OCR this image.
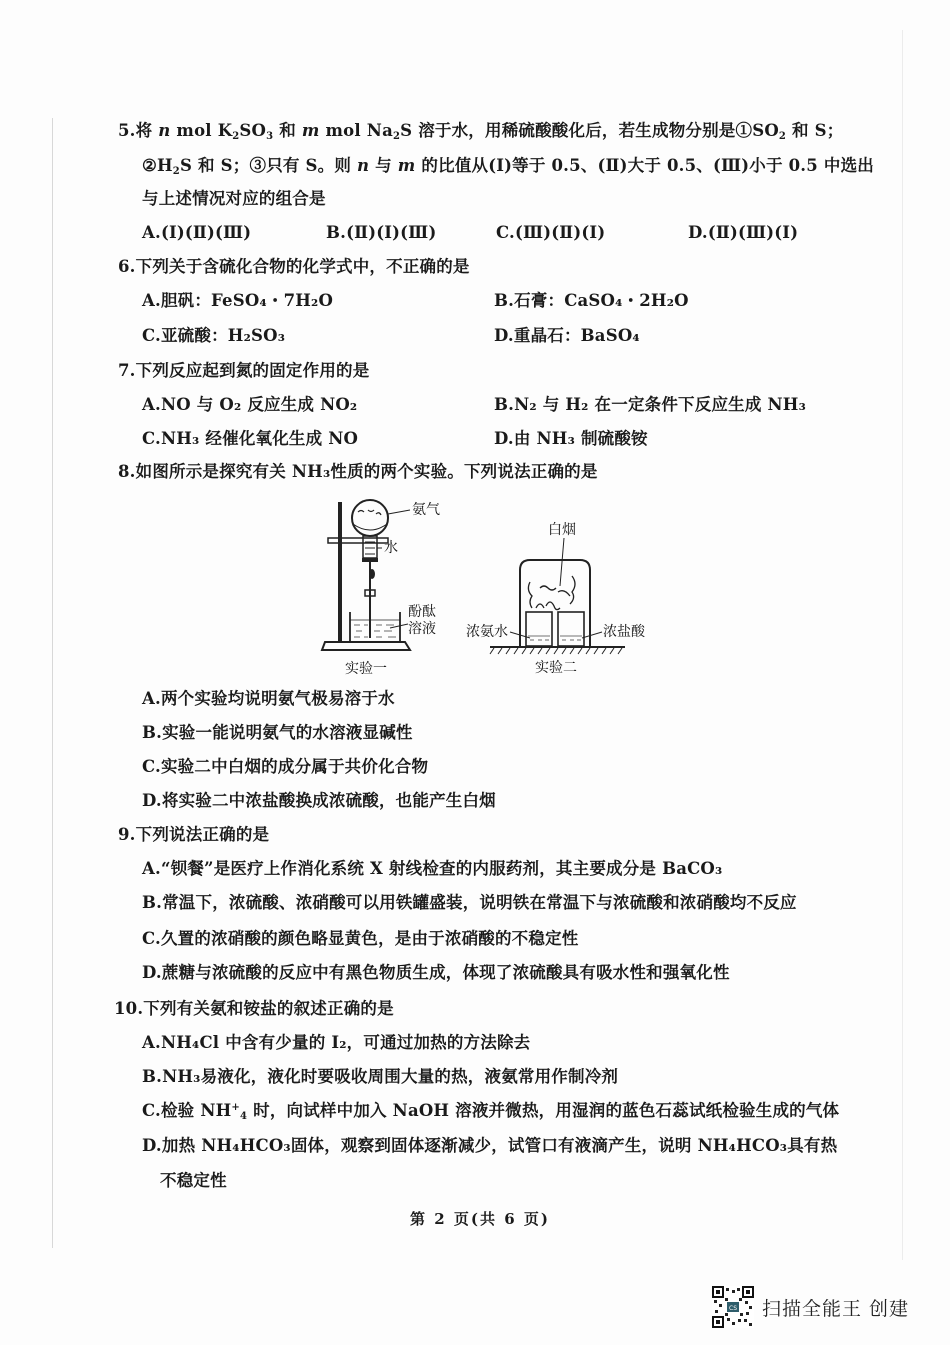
5.将 n mol $K_2SO_3$ 和 m mol $Na_2S$ 溶于水，用稀硫酸酸化后，若生成物分别是$①SO_2$ 和 S；
$②H_2S$ 和 S；③只有 S。则 n 与 m 的比值从(Ⅰ)等于 0.5、(Ⅱ)大于 0.5、(Ⅲ)小于 0.5 中选出
与上述情况对应的组合是
A.(Ⅰ)(Ⅱ)(Ⅲ)	B.(Ⅱ)(Ⅰ)(Ⅲ)	C.(Ⅲ)(Ⅱ)(Ⅰ)	D.(Ⅱ)(Ⅲ)(Ⅰ)
6.下列关于含硫化合物的化学式中，不正确的是
A.胆矾：FeSO₄・7H₂O	B.石膏：CaSO₄・2H₂O
C.亚硫酸：H₂SO₃	D.重晶石：BaSO₄
7.下列反应起到氮的固定作用的是
A.NO 与 O₂ 反应生成 NO₂	B.N₂ 与 H₂ 在一定条件下反应生成 NH₃
C.NH₃ 经催化氧化生成 NO	D.由 NH₃ 制硫酸铵
8.如图所示是探究有关 NH₃性质的两个实验。下列说法正确的是
氨气
水
酚酞
溶液
实验一
白烟
浓氨水	浓盐酸
实验二
A.两个实验均说明氨气极易溶于水
B.实验一能说明氨气的水溶液显碱性
C.实验二中白烟的成分属于共价化合物
D.将实验二中浓盐酸换成浓硫酸，也能产生白烟
9.下列说法正确的是
A.“钡餐”是医疗上作消化系统 X 射线检查的内服药剂，其主要成分是 BaCO₃
B.常温下，浓硫酸、浓硝酸可以用铁罐盛装，说明铁在常温下与浓硫酸和浓硝酸均不反应
C.久置的浓硝酸的颜色略显黄色，是由于浓硝酸的不稳定性
D.蔗糖与浓硫酸的反应中有黑色物质生成，体现了浓硫酸具有吸水性和强氧化性
10.下列有关氨和铵盐的叙述正确的是
A.NH₄Cl 中含有少量的 I₂，可通过加热的方法除去
B.NH₃易液化，液化时要吸收周围大量的热，液氨常用作制冷剂
C.检验 $NH^+_4$ 时，向试样中加入 NaOH 溶液并微热，用湿润的蓝色石蕊试纸检验生成的气体
D.加热 NH₄HCO₃固体，观察到固体逐渐减少，试管口有液滴产生，说明 NH₄HCO₃具有热
不稳定性
第 2 页(共 6 页)
CS 扫描全能王 创建
